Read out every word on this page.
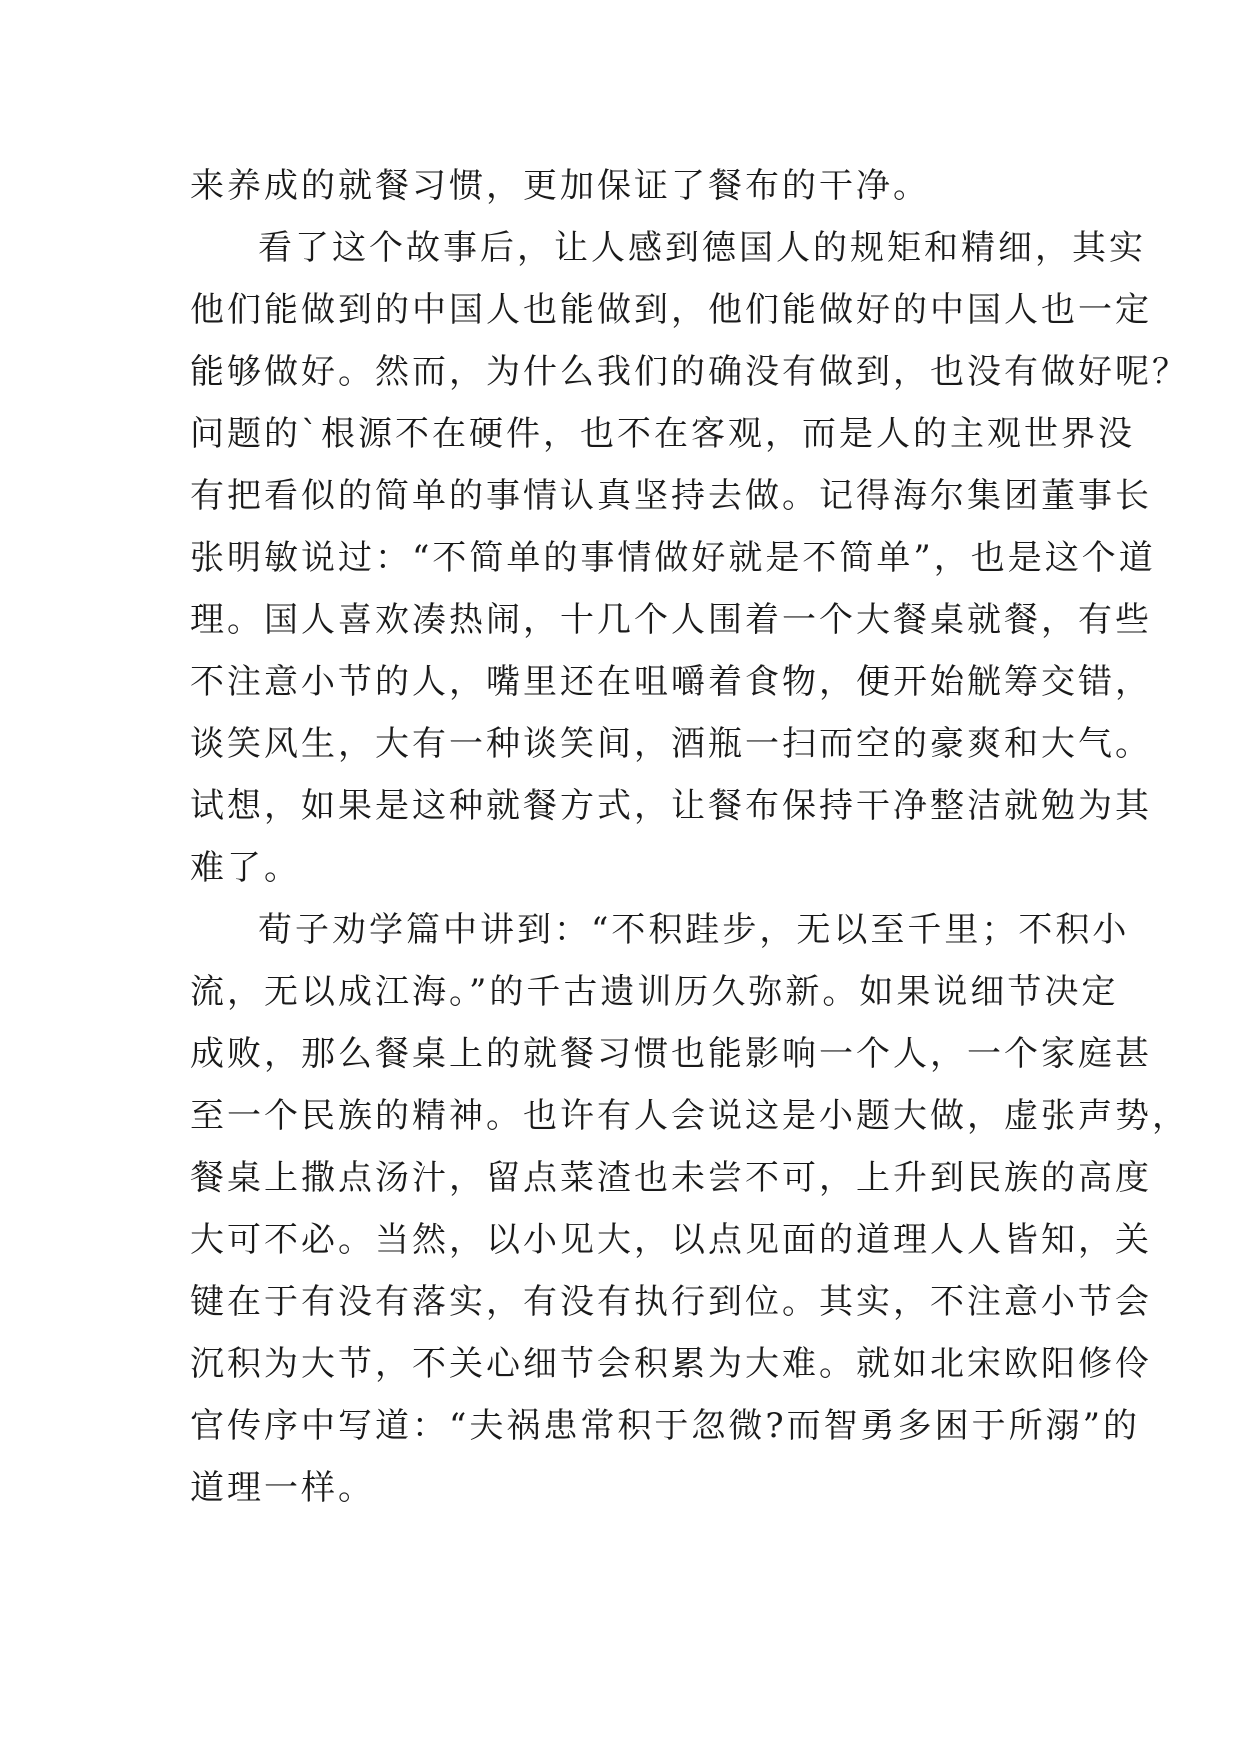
来养成的就餐习惯，更加保证了餐布的干净。
看了这个故事后，让人感到德国人的规矩和精细，其实
他们能做到的中国人也能做到，他们能做好的中国人也一定
能够做好。然而，为什么我们的确没有做到，也没有做好呢？
问题的`根源不在硬件，也不在客观，而是人的主观世界没
有把看似的简单的事情认真坚持去做。记得海尔集团董事长
张明敏说过：“不简单的事情做好就是不简单”，也是这个道
理。国人喜欢凑热闹，十几个人围着一个大餐桌就餐，有些
不注意小节的人，嘴里还在咀嚼着食物，便开始觥筹交错，
谈笑风生，大有一种谈笑间，酒瓶一扫而空的豪爽和大气。
试想，如果是这种就餐方式，让餐布保持干净整洁就勉为其
难了。
荀子劝学篇中讲到：“不积跬步，无以至千里；不积小
流，无以成江海。”的千古遗训历久弥新。如果说细节决定
成败，那么餐桌上的就餐习惯也能影响一个人，一个家庭甚
至一个民族的精神。也许有人会说这是小题大做，虚张声势，
餐桌上撒点汤汁，留点菜渣也未尝不可，上升到民族的高度
大可不必。当然，以小见大，以点见面的道理人人皆知，关
键在于有没有落实，有没有执行到位。其实，不注意小节会
沉积为大节，不关心细节会积累为大难。就如北宋欧阳修伶
官传序中写道：“夫祸患常积于忽微?而智勇多困于所溺”的
道理一样。
